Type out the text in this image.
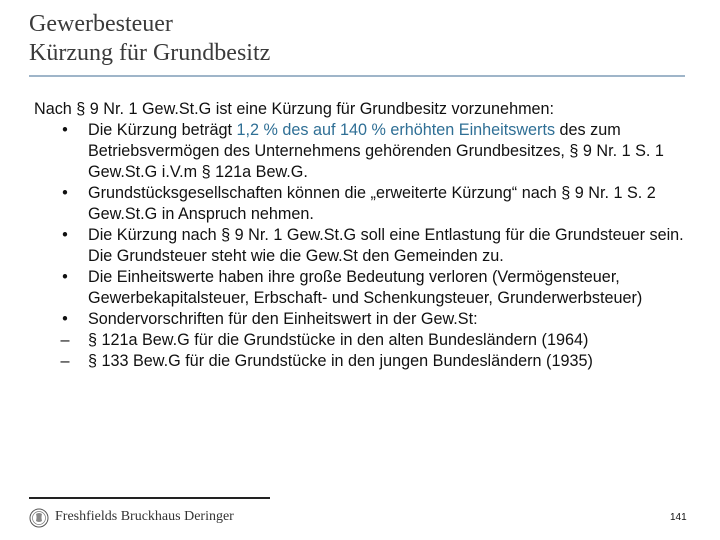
Gewerbesteuer
Kürzung für Grundbesitz

Nach § 9 Nr. 1 Gew.St.G ist eine Kürzung für Grundbesitz vorzunehmen:

• Die Kürzung beträgt 1,2 % des auf 140 % erhöhten Einheitswerts des zum Betriebsvermögen des Unternehmens gehörenden Grundbesitzes, § 9 Nr. 1 S. 1 Gew.St.G i.V.m § 121a Bew.G.
• Grundstücksgesellschaften können die „erweiterte Kürzung“ nach § 9 Nr. 1 S. 2 Gew.St.G in Anspruch nehmen.
• Die Kürzung nach § 9 Nr. 1 Gew.St.G soll eine Entlastung für die Grundsteuer sein. Die Grundsteuer steht wie die Gew.St den Gemeinden zu.
• Die Einheitswerte haben ihre große Bedeutung verloren (Vermögensteuer, Gewerbekapitalsteuer, Erbschaft- und Schenkungsteuer, Grunderwerbsteuer)
• Sondervorschriften für den Einheitswert in der Gew.St:
– § 121a Bew.G für die Grundstücke in den alten Bundesländern (1964)
– § 133 Bew.G für die Grundstücke in den jungen Bundesländern (1935)
Freshfields Bruckhaus Deringer	141
